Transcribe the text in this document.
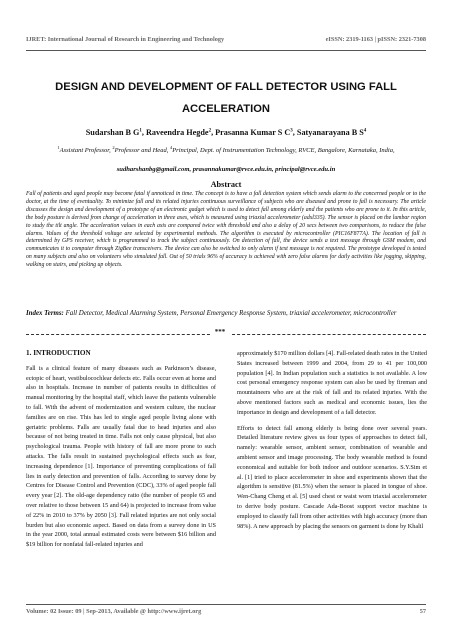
IJRET: International Journal of Research in Engineering and Technology	eISSN: 2319-1163 | pISSN: 2321-7308
DESIGN AND DEVELOPMENT OF FALL DETECTOR USING FALL ACCELERATION
Sudarshan B $G^1$, Raveendra Hegde$^2$, Prasanna Kumar S $C^3$, Satyanarayana B $S^4$
$^1$Assistant Professor, $^2$Professor and Head, $^4$Principal, Dept. of Instrumentation Technology, RVCE, Bangalore, Karnataka, India,
sudharshanbg@gmail.com, prasannakumar@rvce.edu.in, principal@rvce.edu.in
Abstract
Fall of patients and aged people may become fatal if unnoticed in time. The concept is to have a fall detection system which sends alarm to the concerned people or to the doctor, at the time of eventuality. To minimize fall and its related injuries continuous surveillance of subjects who are diseased and prone to fall is necessary. The article discusses the design and development of a prototype of an electronic gadget which is used to detect fall among elderly and the patients who are prone to it. In this article, the body posture is derived from change of acceleration in three axes, which is measured using triaxial accelerometer (adxl335). The sensor is placed on the lumbar region to study the tilt angle. The acceleration values in each axis are compared twice with threshold and also a delay of 20 secs between two comparisons, to reduce the false alarms. Values of the threshold voltage are selected by experimental methods. The algorithm is executed by microcontroller (PIC16F877A). The location of fall is determined by GPS receiver, which is programmed to track the subject continuously. On detection of fall, the device sends a text message through GSM modem, and communicates it to computer through ZigBee transceivers. The device can also be switched to only alarm if text message is not required. The prototype developed is tested on many subjects and also on volunteers who simulated fall. Out of 50 trials 96% of accuracy is achieved with zero false alarms for daily activities like jogging, skipping, walking on stairs, and picking up objects.
Index Terms: Fall Detector, Medical Alarming System, Personal Emergency Response System, triaxial accelerometer, microcontroller
***
1. INTRODUCTION

Fall is a clinical feature of many diseases such as Parkinson’s disease, ectopic of heart, vestibulocochlear defects etc. Falls occur even at home and also in hospitals. Increase in number of patients results in difficulties of manual monitoring by the hospital staff, which leave the patients vulnerable to fall. With the advent of modernization and western culture, the nuclear families are on rise. This has led to single aged people living alone with geriatric problems. Falls are usually fatal due to head injuries and also because of not being treated in time. Falls not only cause physical, but also psychological trauma. People with history of fall are more prone to such attacks. The falls result in sustained psychological effects such as fear, increasing dependence [1]. Importance of preventing complications of fall lies in early detection and prevention of falls. According to survey done by Centres for Disease Control and Prevention (CDC), 33% of aged people fall every year [2]. The old-age dependency ratio (the number of people 65 and over relative to those between 15 and 64) is projected to increase from value of 22% in 2010 to 37% by 2050 [3]. Fall related injuries are not only social burden but also economic aspect. Based on data from a survey done in US in the year 2000, total annual estimated costs were between $16 billion and $19 billion for nonfatal fall-related injuries and

approximately $170 million dollars [4]. Fall-related death rates in the United States increased between 1999 and 2004, from 29 to 41 per 100,000 population [4]. In Indian population such a statistics is not available. A low cost personal emergency response system can also be used by fireman and mountaineers who are at the risk of fall and its related injuries. With the above mentioned factors such as medical and economic issues, lies the importance in design and development of a fall detector.

Efforts to detect fall among elderly is being done over several years. Detailed literature review gives us four types of approaches to detect fall, namely: wearable sensor, ambient sensor, combination of wearable and ambient sensor and image processing. The body wearable method is found economical and suitable for both indoor and outdoor scenarios. S.Y.Sim et al. [1] tried to place accelerometer in shoe and experiments shown that the algorithm is sensitive (81.5%) when the sensor is placed in tongue of shoe. Wen-Chang Cheng et al. [5] used chest or waist worn triaxial accelerometer to derive body posture. Cascade Ada-Boost support vector machine is employed to classify fall from other activities with high accuracy (more than 98%). A new approach by placing the sensors on garment is done by Khalil

Volume: 02 Issue: 09 | Sep-2013, Available @ http://www.ijret.org	57
